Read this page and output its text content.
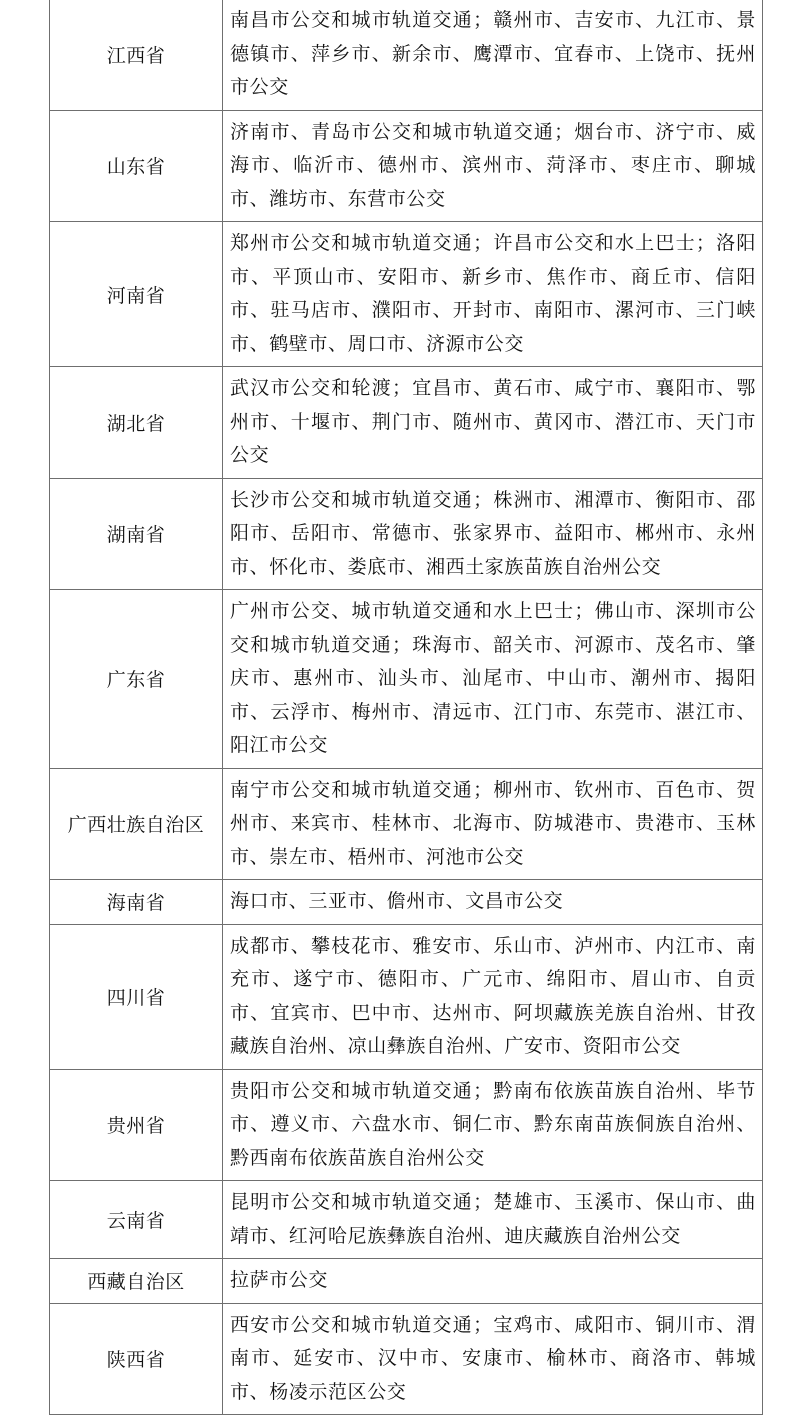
江西省	南昌市公交和城市轨道交通；赣州市、吉安市、九江市、景德镇市、萍乡市、新余市、鹰潭市、宜春市、上饶市、抚州市公交
山东省	济南市、青岛市公交和城市轨道交通；烟台市、济宁市、威海市、临沂市、德州市、滨州市、菏泽市、枣庄市、聊城市、潍坊市、东营市公交
河南省	郑州市公交和城市轨道交通；许昌市公交和水上巴士；洛阳市、平顶山市、安阳市、新乡市、焦作市、商丘市、信阳市、驻马店市、濮阳市、开封市、南阳市、漯河市、三门峡市、鹤壁市、周口市、济源市公交
湖北省	武汉市公交和轮渡；宜昌市、黄石市、咸宁市、襄阳市、鄂州市、十堰市、荆门市、随州市、黄冈市、潜江市、天门市公交
湖南省	长沙市公交和城市轨道交通；株洲市、湘潭市、衡阳市、邵阳市、岳阳市、常德市、张家界市、益阳市、郴州市、永州市、怀化市、娄底市、湘西土家族苗族自治州公交
广东省	广州市公交、城市轨道交通和水上巴士；佛山市、深圳市公交和城市轨道交通；珠海市、韶关市、河源市、茂名市、肇庆市、惠州市、汕头市、汕尾市、中山市、潮州市、揭阳市、云浮市、梅州市、清远市、江门市、东莞市、湛江市、阳江市公交
广西壮族自治区	南宁市公交和城市轨道交通；柳州市、钦州市、百色市、贺州市、来宾市、桂林市、北海市、防城港市、贵港市、玉林市、崇左市、梧州市、河池市公交
海南省	海口市、三亚市、儋州市、文昌市公交
四川省	成都市、攀枝花市、雅安市、乐山市、泸州市、内江市、南充市、遂宁市、德阳市、广元市、绵阳市、眉山市、自贡市、宜宾市、巴中市、达州市、阿坝藏族羌族自治州、甘孜藏族自治州、凉山彝族自治州、广安市、资阳市公交
贵州省	贵阳市公交和城市轨道交通；黔南布依族苗族自治州、毕节市、遵义市、六盘水市、铜仁市、黔东南苗族侗族自治州、黔西南布依族苗族自治州公交
云南省	昆明市公交和城市轨道交通；楚雄市、玉溪市、保山市、曲靖市、红河哈尼族彝族自治州、迪庆藏族自治州公交
西藏自治区	拉萨市公交
陕西省	西安市公交和城市轨道交通；宝鸡市、咸阳市、铜川市、渭南市、延安市、汉中市、安康市、榆林市、商洛市、韩城市、杨凌示范区公交
